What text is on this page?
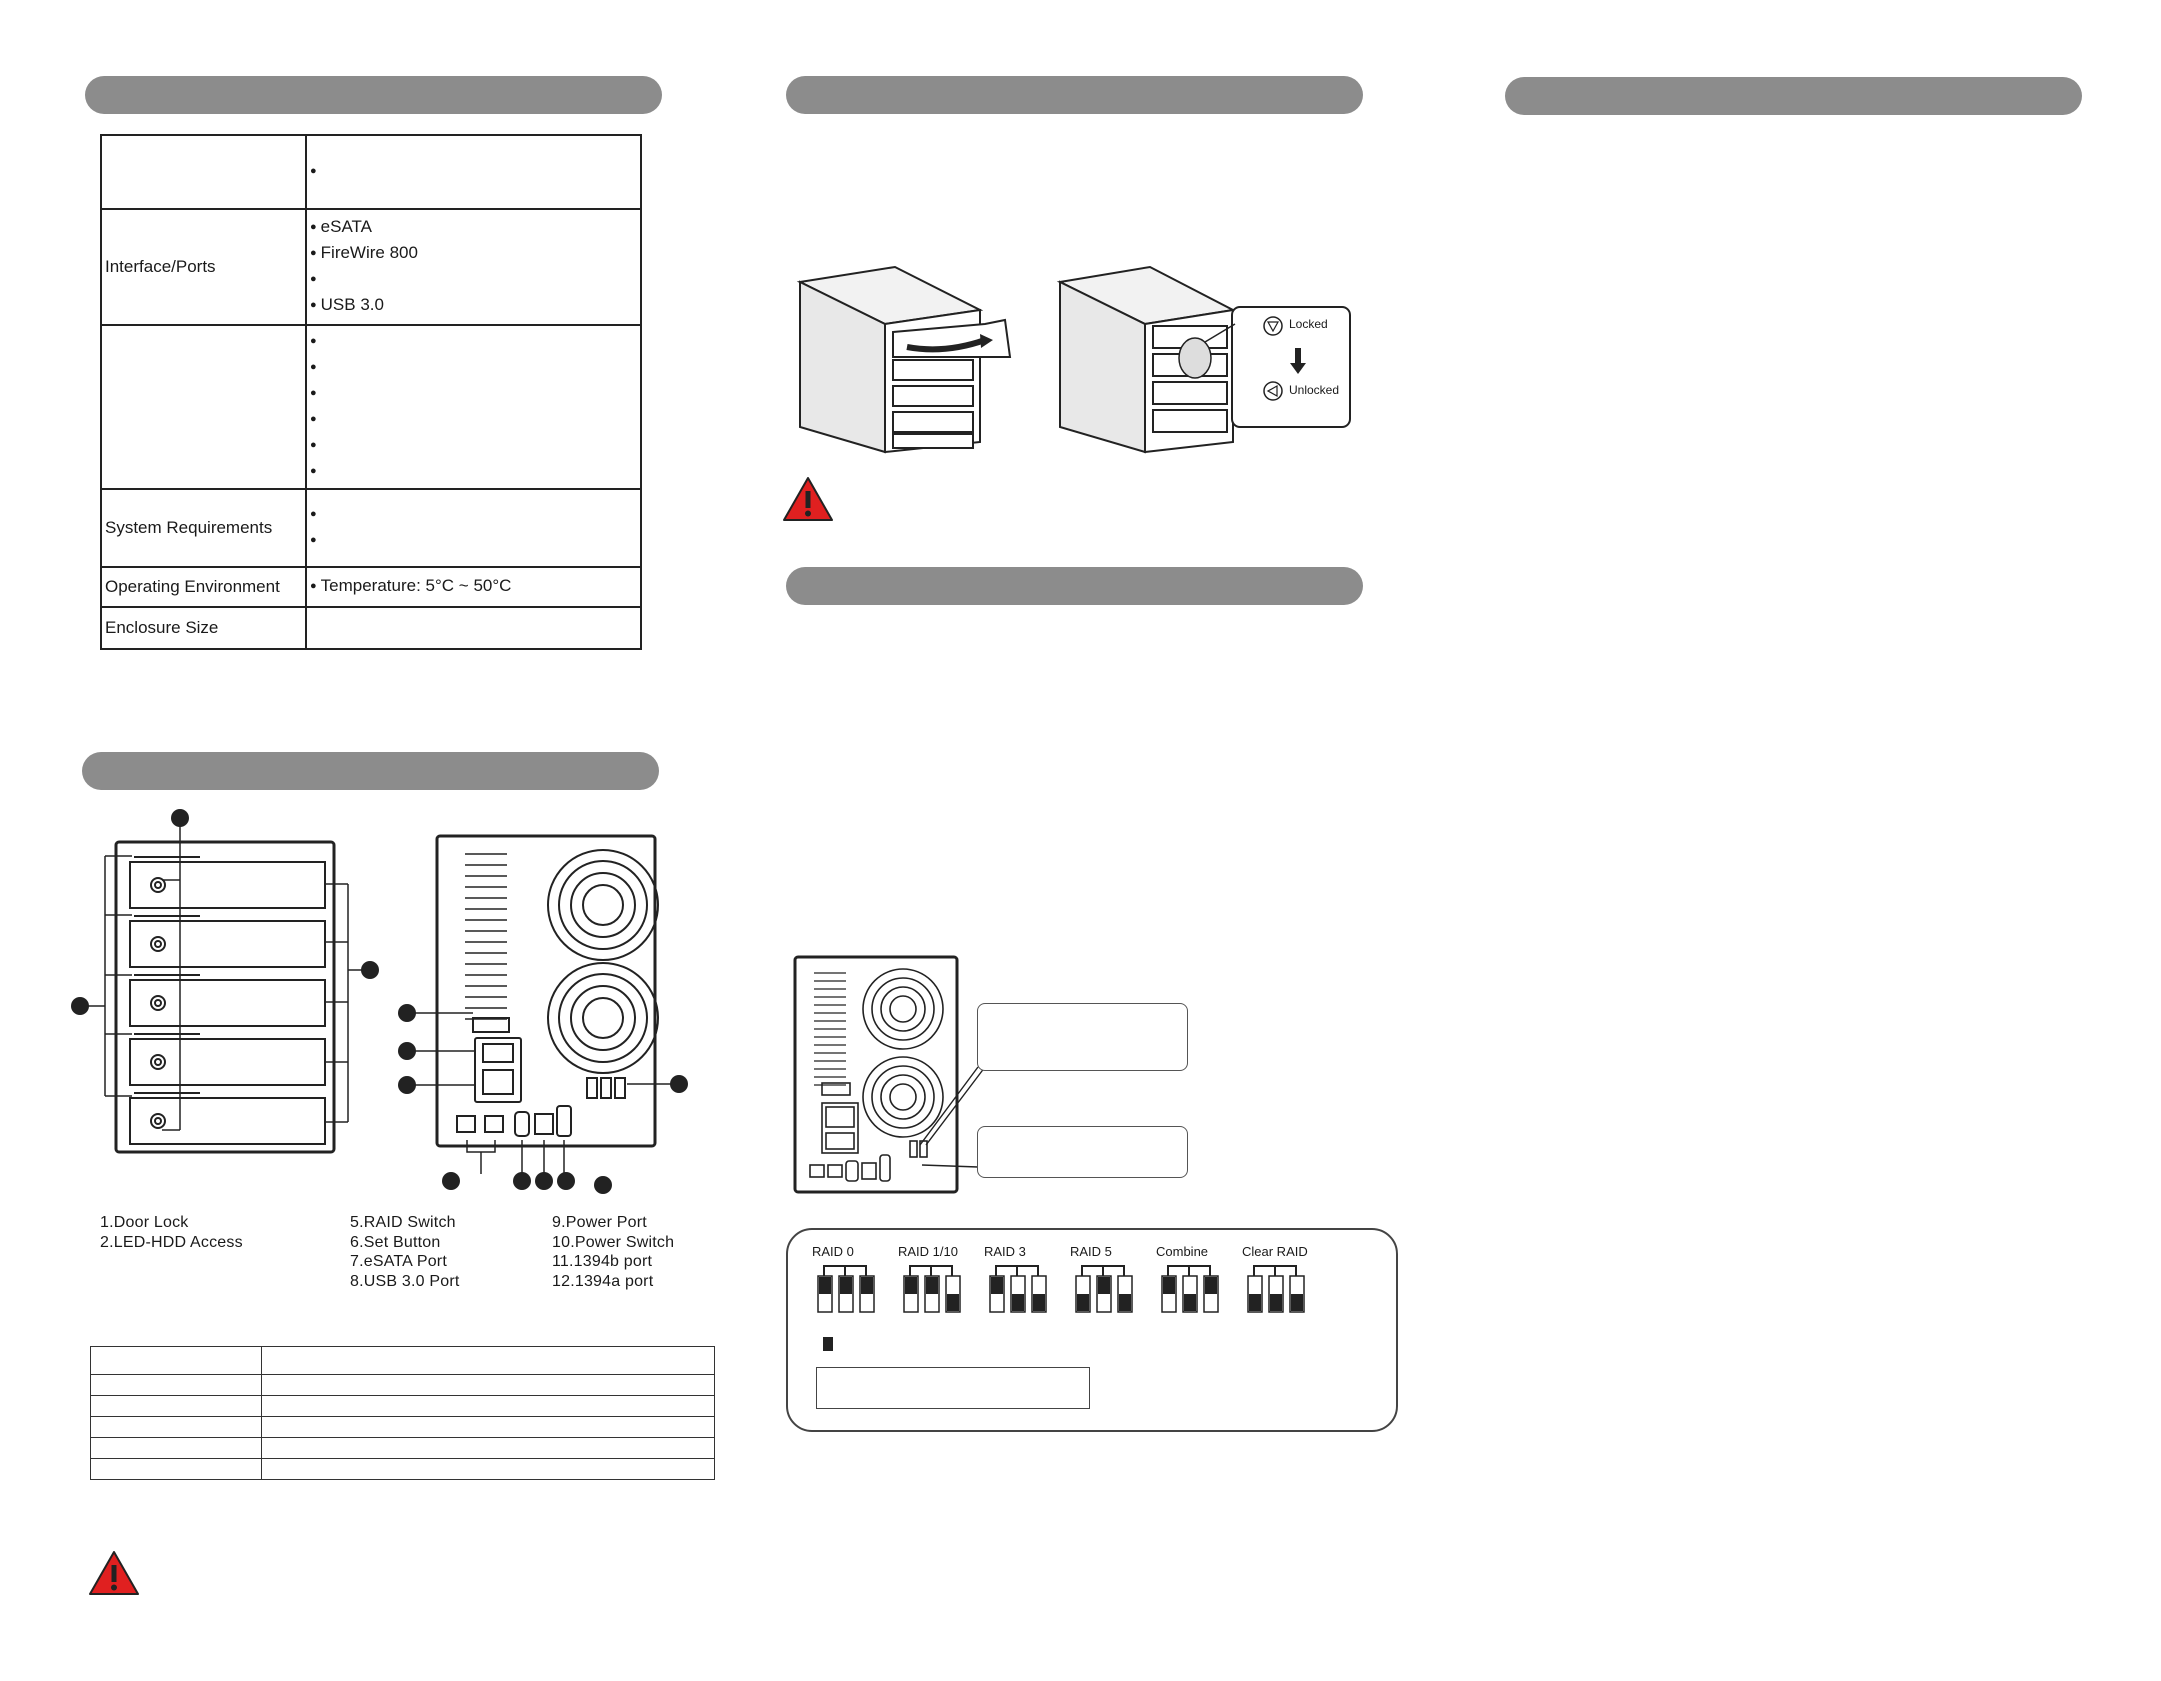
●

Interface/Ports	● eSATA
● FireWire 800
●
● USB 3.0

●
●
●
●
●
●

System Requirements	
●
●

Operating Environment	● Temperature: 5°C ~ 50°C

Enclosure Size	
1.Door Lock
2.LED-HDD Access
5.RAID Switch
6.Set Button
7.eSATA Port
8.USB 3.0 Port
9.Power Port
10.Power Switch
11.1394b port
12.1394a port

Locked
Unlocked
RAID 0	RAID 1/10 RAID 3	RAID 5	Combine	Clear RAID
